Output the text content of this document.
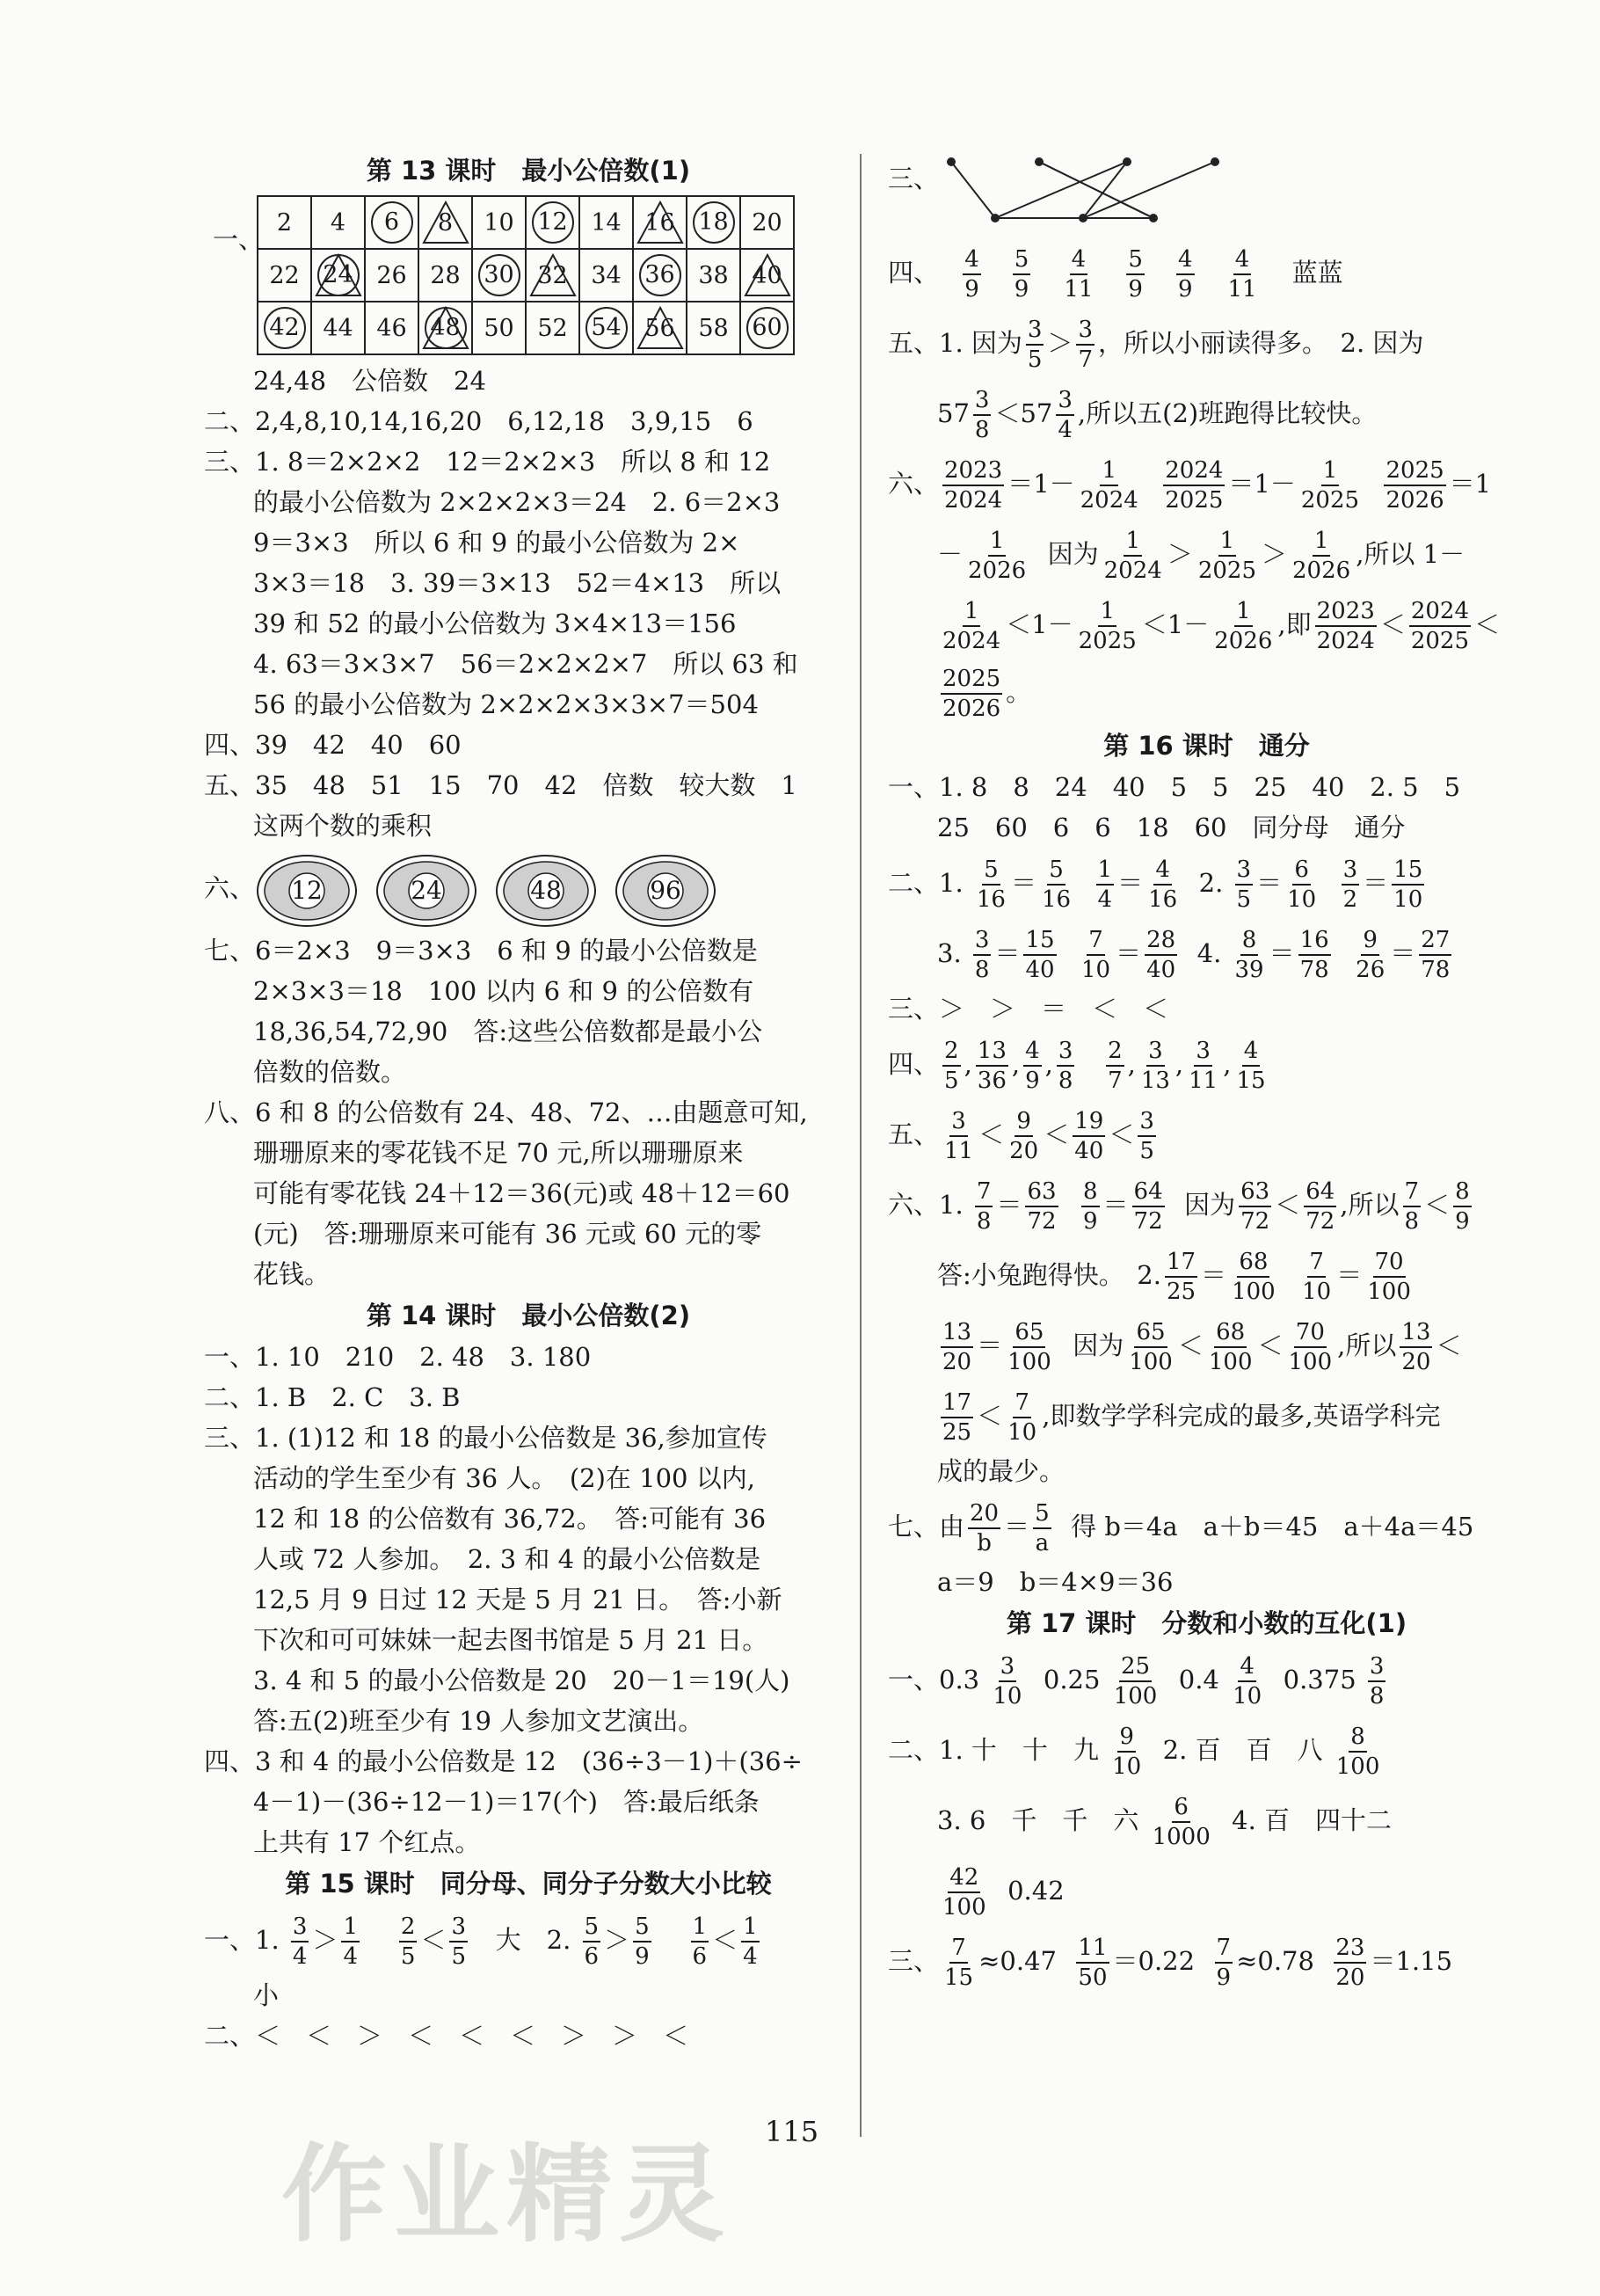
第 13 课时　最小公倍数(1)
一、
2	4	6	8	10	12	14	16	18	20
22	24	26	28	30	32	34	36	38	40

42	44	46	48	50	52	54	56	58	60
24,48　公倍数　24
二、2,4,8,10,14,16,20　6,12,18　3,9,15　6
三、1. 8＝2×2×2　12＝2×2×3　所以 8 和 12
的最小公倍数为 2×2×2×3＝24　2. 6＝2×3
9＝3×3　所以 6 和 9 的最小公倍数为 2×
3×3＝18　3. 39＝3×13　52＝4×13　所以
39 和 52 的最小公倍数为 3×4×13＝156
4. 63＝3×3×7　56＝2×2×2×7　所以 63 和
56 的最小公倍数为 2×2×2×3×3×7＝504
四、39　42　40　60
五、35　48　51　15　70　42　倍数　较大数　1
这两个数的乘积
六、	12	24	48	96
七、6＝2×3　9＝3×3　6 和 9 的最小公倍数是
2×3×3＝18　100 以内 6 和 9 的公倍数有
18,36,54,72,90　答:这些公倍数都是最小公
倍数的倍数。
八、6 和 8 的公倍数有 24、48、72、…由题意可知,
珊珊原来的零花钱不足 70 元,所以珊珊原来
可能有零花钱 24＋12＝36(元)或 48＋12＝60
(元)　答:珊珊原来可能有 36 元或 60 元的零
花钱。
第 14 课时　最小公倍数(2)
一、1. 10　210　2. 48　3. 180
二、1. B　2. C　3. B
三、1. (1)12 和 18 的最小公倍数是 36,参加宣传
活动的学生至少有 36 人。　(2)在 100 以内,
12 和 18 的公倍数有 36,72。　答:可能有 36
人或 72 人参加。　2. 3 和 4 的最小公倍数是
12,5 月 9 日过 12 天是 5 月 21 日。　答:小新
下次和可可妹妹一起去图书馆是 5 月 21 日。
3. 4 和 5 的最小公倍数是 20　20－1＝19(人)
答:五(2)班至少有 19 人参加文艺演出。
四、3 和 4 的最小公倍数是 12　(36÷3－1)＋(36÷
4－1)－(36÷12－1)＝17(个)　答:最后纸条
上共有 17 个红点。
第 15 课时　同分母、同分子分数大小比较
一、1. $\frac{3}{4} > \frac{1}{4}$
$\frac{2}{5} < \frac{3}{5}$ 大　2. $\frac{5}{6} > \frac{5}{9}$
$\frac{1}{6} < \frac{1}{4}$
小
二、＜　＜　＞　＜　＜　＜　＞　＞　＜
三、
四、 $\frac{4}{9} \frac{5}{9} \frac{4}{11} \frac{5}{9} \frac{4}{9} \frac{4}{11}$ 蓝蓝
五、1. 因为 $\frac{3}{5} > \frac{3}{7}$ ，所以小丽读得多。　2. 因为
$57 \frac{3}{8} <57 \frac{3}{4}$ ,所以五(2)班跑得比较快。
六、 $\frac{2023}{2024} =1- \frac{1}{2024}$
$\frac{2024}{2025} =1- \frac{1}{2025}$
$\frac{2025}{2026} =1$
－ $\frac{1}{2026}$ 因为 $\frac{1}{2024} > \frac{1}{2025} > \frac{1}{2026}$ ,所以 1－
$\frac{1}{2024} <1- \frac{1}{2025} <1- \frac{1}{2026}$ ,即 $\frac{2023}{2024} < \frac{2024}{2025}$ ＜
$\frac{2025}{2026}$ 。
第 16 课时　通分
一、1. 8　8　24　40　5　5　25　40　2. 5　5
25　60　6　6　18　60　同分母　通分
二、1. $\frac{5}{16} = \frac{5}{16}$
$\frac{1}{4} = \frac{4}{16} 2$. $\frac{3}{5} = \frac{6}{10}$
$\frac{3}{2} = \frac{15}{10}$
3. $\frac{3}{8} = \frac{15}{40}$
$\frac{7}{10} = \frac{28}{40} 4$. $\frac{8}{39} = \frac{16}{78}$
$\frac{9}{26} = \frac{27}{78}$
三、＞　＞　＝　＜　＜
四、 $\frac{2}{5}$ , $\frac{13}{36}$ , $\frac{4}{9}$ , $\frac{3}{8}$
$\frac{2}{7}$ , $\frac{3}{13}$ , $\frac{3}{11}$ , $\frac{4}{15}$
五、 $\frac{3}{11} < \frac{9}{20} < \frac{19}{40} < \frac{3}{5}$
六、1. $\frac{7}{8} = \frac{63}{72}$
$\frac{8}{9} = \frac{64}{72}$ 因为 $\frac{63}{72} < \frac{64}{72}$ ,所以 $\frac{7}{8} < \frac{8}{9}$
答:小兔跑得快。　2. $\frac{17}{25} = \frac{68}{100}$
$\frac{7}{10} = \frac{70}{100}$
$\frac{13}{20} = \frac{65}{100}$ 因为 $\frac{65}{100} < \frac{68}{100} < \frac{70}{100}$ ,所以 $\frac{13}{20}$ ＜
$\frac{17}{25} < \frac{7}{10}$ ,即数学学科完成的最多,英语学科完
成的最少。
七、由 $\frac{20}{b} = \frac{5}{a}$ 得 b＝4a　a＋b＝45　a＋4a＝45
a＝9　b＝4×9＝36
第 17 课时　分数和小数的互化(1)
一、$0.3 \frac{3}{10} 0.25 \frac{25}{100} 0.4 \frac{4}{10} 0.375 \frac{3}{8}$
二、1. 十　十　九 $\frac{9}{10} 2$. 百　百　八 $\frac{8}{100}$
3. 6　千　千　六 $\frac{6}{1000} 4$. 百　四十二
$\frac{42}{100} 0.42$
三、 $\frac{7}{15} \approx 0.47 \frac{11}{50} =0.22 \frac{7}{9} \approx 0.78 \frac{23}{20} =1.15$
作业精灵
115
